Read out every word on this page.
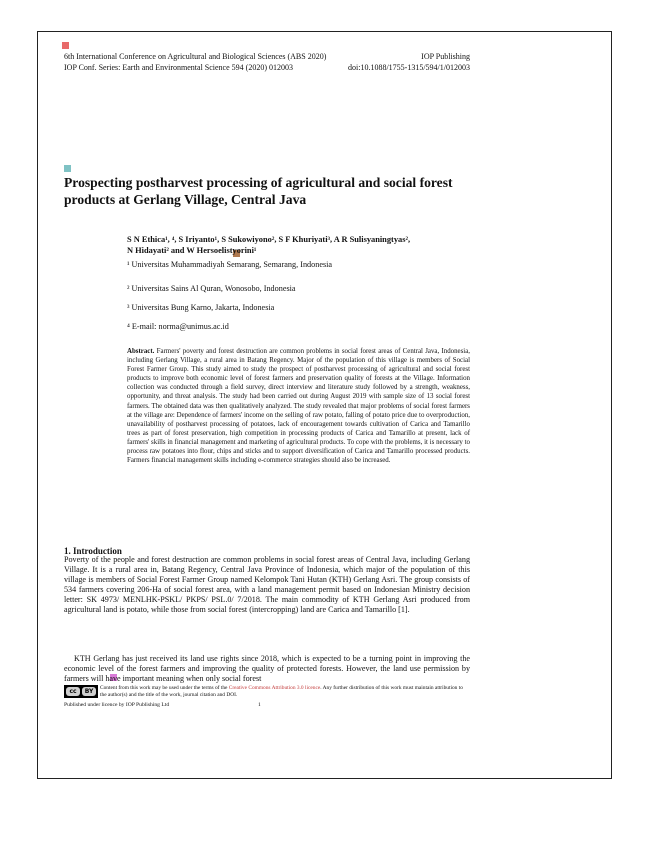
6th International Conference on Agricultural and Biological Sciences (ABS 2020)	IOP Publishing
IOP Conf. Series: Earth and Environmental Science 594 (2020) 012003	doi:10.1088/1755-1315/594/1/012003
Prospecting postharvest processing of agricultural and social forest products at Gerlang Village, Central Java
S N Ethica¹, ⁴, S Iriyanto¹, S Sukowiyono², S F Khuriyati³, A R Sulisyaningtyas²,
N Hidayati² and W Hersoelistyorini¹
¹ Universitas Muhammadiyah Semarang, Semarang, Indonesia
² Universitas Sains Al Quran, Wonosobo, Indonesia
³ Universitas Bung Karno, Jakarta, Indonesia
⁴ E-mail: norma@unimus.ac.id
Abstract. Farmers' poverty and forest destruction are common problems in social forest areas of Central Java, Indonesia, including Gerlang Village, a rural area in Batang Regency. Major of the population of this village is members of Social Forest Farmer Group. This study aimed to study the prospect of postharvest processing of agricultural and social forest products to improve both economic level of forest farmers and preservation quality of forests at the Village. Information collection was conducted through a field survey, direct interview and literature study followed by a strength, weakness, opportunity, and threat analysis. The study had been carried out during August 2019 with sample size of 13 social forest farmers. The obtained data was then qualitatively analyzed. The study revealed that major problems of social forest farmers at the village are: Dependence of farmers' income on the selling of raw potato, falling of potato price due to overproduction, unavailability of postharvest processing of potatoes, lack of encouragement towards cultivation of Carica and Tamarillo trees as part of forest preservation, high competition in processing products of Carica and Tamarillo at present, lack of farmers' skills in financial management and marketing of agricultural products. To cope with the problems, it is necessary to process raw potatoes into flour, chips and sticks and to support diversification of Carica and Tamarillo processed products. Farmers financial management skills including e-commerce strategies should also be increased.
1. Introduction
Poverty of the people and forest destruction are common problems in social forest areas of Central Java, including Gerlang Village. It is a rural area in, Batang Regency, Central Java Province of Indonesia, which major of the population of this village is members of Social Forest Farmer Group named Kelompok Tani Hutan (KTH) Gerlang Asri. The group consists of 534 farmers covering 206-Ha of social forest area, with a land management permit based on Indonesian Ministry decision letter: SK 4973/ MENLHK-PSKL/ PKPS/ PSL.0/ 7/2018. The main commodity of KTH Gerlang Asri produced from agricultural land is potato, while those from social forest (intercropping) land are Carica and Tamarillo [1].
KTH Gerlang has just received its land use rights since 2018, which is expected to be a turning point in improving the economic level of the forest farmers and improving the quality of protected forests. However, the land use permission by farmers will have important meaning when only social forest
cc	BY	Content from this work may be used under the terms of the Creative Commons Attribution 3.0 licence. Any further distribution of this work must maintain attribution to the author(s) and the title of the work, journal citation and DOI.
Published under licence by IOP Publishing Ltd	1
